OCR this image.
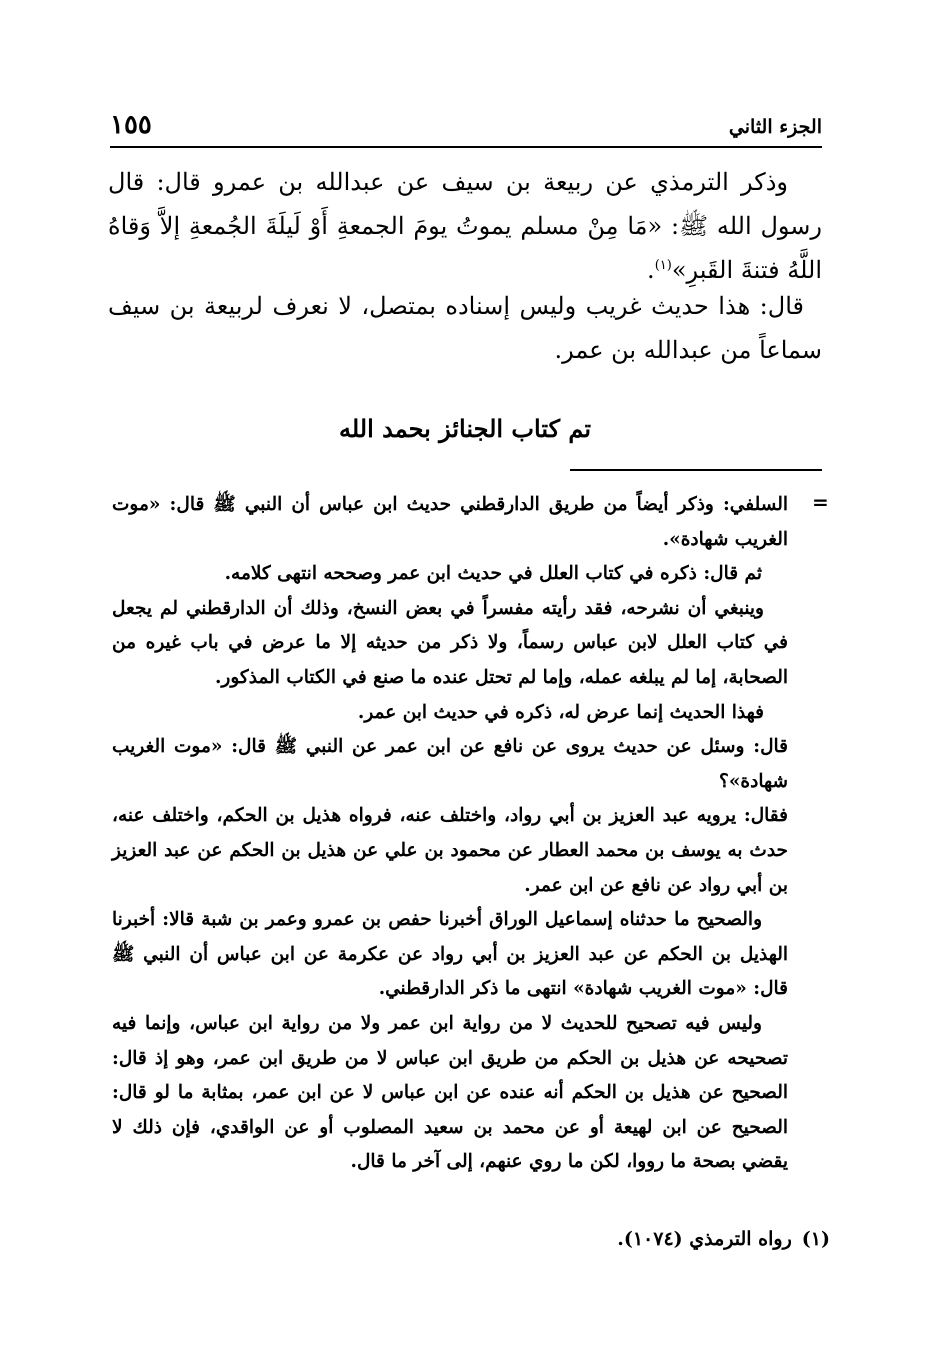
الجزء الثاني
١٥٥
وذكر الترمذي عن ربيعة بن سيف عن عبدالله بن عمرو قال: قال رسول الله ﷺ: «مَا مِنْ مسلم يموتُ يومَ الجمعةِ أَوْ لَيلَةَ الجُمعةِ إلاَّ وَقاهُ اللَّهُ فتنةَ القَبرِ»$^{(١)}$.
قال: هذا حديث غريب وليس إسناده بمتصل، لا نعرف لربيعة بن سيف سماعاً من عبدالله بن عمر.
تم كتاب الجنائز بحمد الله
=

السلفي: وذكر أيضاً من طريق الدارقطني حديث ابن عباس أن النبي ﷺ قال: «موت الغريب شهادة».

ثم قال: ذكره في كتاب العلل في حديث ابن عمر وصححه انتهى كلامه.

وينبغي أن نشرحه، فقد رأيته مفسراً في بعض النسخ، وذلك أن الدارقطني لم يجعل في كتاب العلل لابن عباس رسماً، ولا ذكر من حديثه إلا ما عرض في باب غيره من الصحابة، إما لم يبلغه عمله، وإما لم تحتل عنده ما صنع في الكتاب المذكور.

فهذا الحديث إنما عرض له، ذكره في حديث ابن عمر.

قال: وسئل عن حديث يروى عن نافع عن ابن عمر عن النبي ﷺ قال: «موت الغريب شهادة»؟

فقال: يرويه عبد العزيز بن أبي رواد، واختلف عنه، فرواه هذيل بن الحكم، واختلف عنه، حدث به يوسف بن محمد العطار عن محمود بن علي عن هذيل بن الحكم عن عبد العزيز بن أبي رواد عن نافع عن ابن عمر.

والصحيح ما حدثناه إسماعيل الوراق أخبرنا حفص بن عمرو وعمر بن شبة قالا: أخبرنا الهذيل بن الحكم عن عبد العزيز بن أبي رواد عن عكرمة عن ابن عباس أن النبي ﷺ قال: «موت الغريب شهادة» انتهى ما ذكر الدارقطني.

وليس فيه تصحيح للحديث لا من رواية ابن عمر ولا من رواية ابن عباس، وإنما فيه تصحيحه عن هذيل بن الحكم من طريق ابن عباس لا من طريق ابن عمر، وهو إذ قال: الصحيح عن هذيل بن الحكم أنه عنده عن ابن عباس لا عن ابن عمر، بمثابة ما لو قال: الصحيح عن ابن لهيعة أو عن محمد بن سعيد المصلوب أو عن الواقدي، فإن ذلك لا يقضي بصحة ما رووا، لكن ما روي عنهم، إلى آخر ما قال.

(١)
رواه الترمذي (١٠٧٤).
